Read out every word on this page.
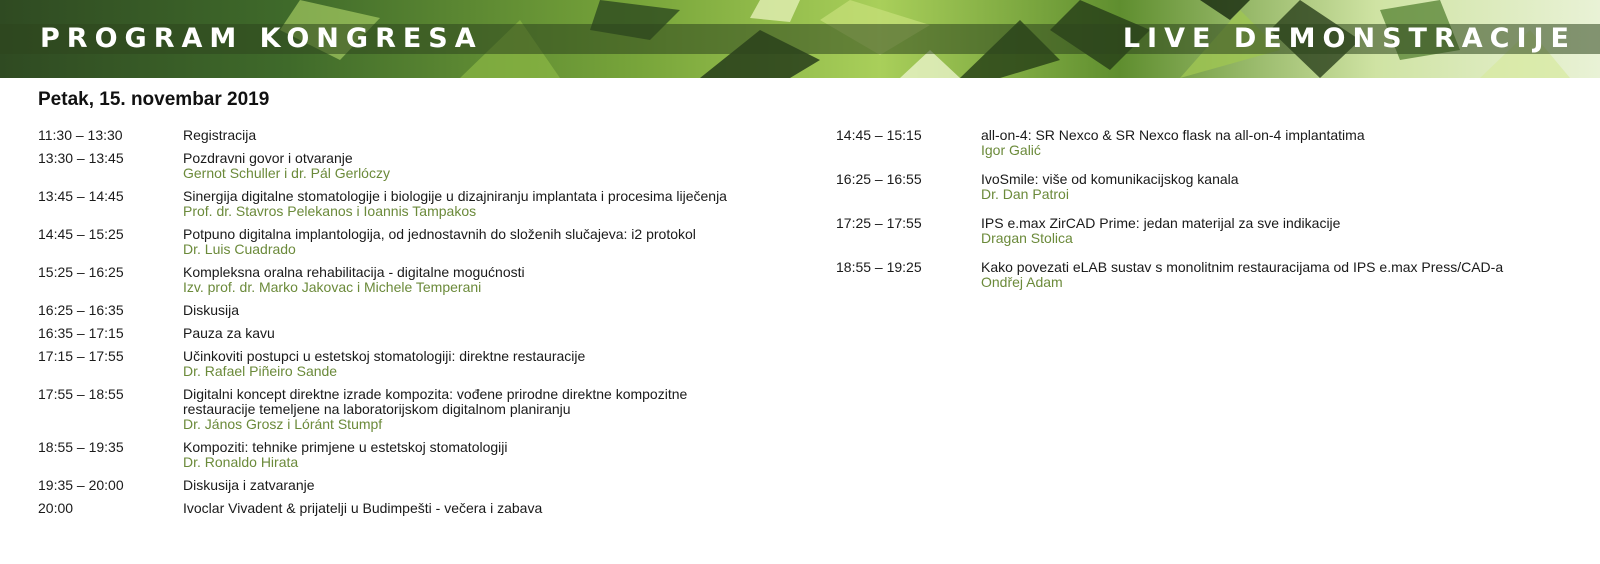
PROGRAM KONGRESA	LIVE DEMONSTRACIJE
Petak, 15. novembar 2019
11:30 – 13:30	Registracija
13:30 – 13:45	Pozdravni govor i otvaranje
Gernot Schuller i dr. Pál Gerlóczy
13:45 – 14:45	Sinergija digitalne stomatologije i biologije u dizajniranju implantata i procesima liječenja
Prof. dr. Stavros Pelekanos i Ioannis Tampakos
14:45 – 15:25	Potpuno digitalna implantologija, od jednostavnih do složenih slučajeva: i2 protokol
Dr. Luis Cuadrado
15:25 – 16:25	Kompleksna oralna rehabilitacija - digitalne mogućnosti
Izv. prof. dr. Marko Jakovac i Michele Temperani
16:25 – 16:35	Diskusija
16:35 – 17:15	Pauza za kavu
17:15 – 17:55	Učinkoviti postupci u estetskoj stomatologiji: direktne restauracije
Dr. Rafael Piñeiro Sande
17:55 – 18:55	Digitalni koncept direktne izrade kompozita: vođene prirodne direktne kompozitne restauracije temeljene na laboratorijskom digitalnom planiranju
Dr. János Grosz i Lóránt Stumpf
18:55 – 19:35	Kompoziti: tehnike primjene u estetskoj stomatologiji
Dr. Ronaldo Hirata
19:35 – 20:00	Diskusija i zatvaranje
20:00	Ivoclar Vivadent & prijatelji u Budimpešti - večera i zabava
14:45 – 15:15	all-on-4: SR Nexco & SR Nexco flask na all-on-4 implantatima
Igor Galić
16:25 – 16:55	IvoSmile: više od komunikacijskog kanala
Dr. Dan Patroi
17:25 – 17:55	IPS e.max ZirCAD Prime: jedan materijal za sve indikacije
Dragan Stolica
18:55 – 19:25	Kako povezati eLAB sustav s monolitnim restauracijama od IPS e.max Press/CAD-a
Ondřej Adam
